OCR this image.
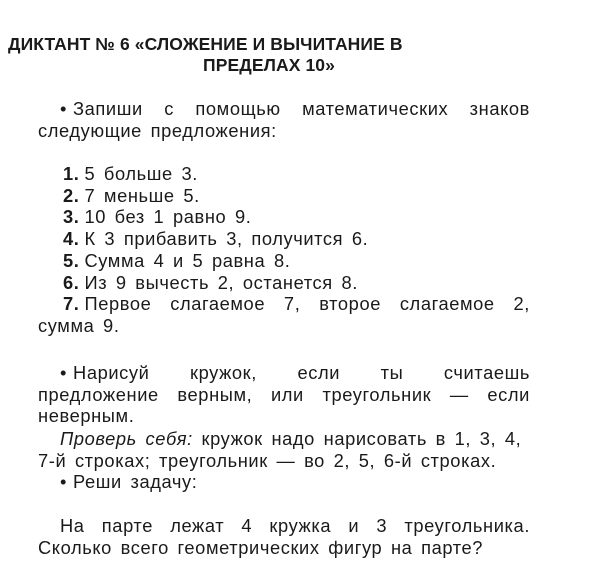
ДИКТАНТ № 6 «СЛОЖЕНИЕ И ВЫЧИТАНИЕ В
ПРЕДЕЛАХ 10»
• Запиши с помощью математических знаков следующие предложения:
1. 5 больше 3.
2. 7 меньше 5.
3. 10 без 1 равно 9.
4. К 3 прибавить 3, получится 6.
5. Сумма 4 и 5 равна 8.
6. Из 9 вычесть 2, останется 8.
7. Первое слагаемое 7, второе слагаемое 2, сумма 9.
• Нарисуй кружок, если ты считаешь предложение верным, или треугольник — если неверным.
Проверь себя: кружок надо нарисовать в 1, 3, 4, 7-й строках; треугольник — во 2, 5, 6-й строках.
• Реши задачу:
На парте лежат 4 кружка и 3 треугольника. Сколько всего геометрических фигур на парте?
